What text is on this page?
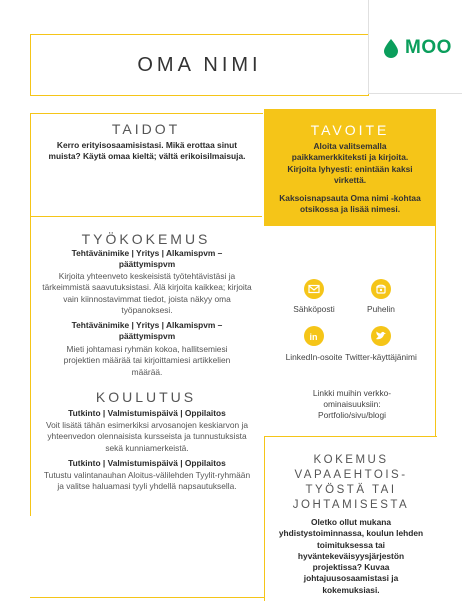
OMA NIMI
MOO
TAIDOT
Kerro erityisosaamisistasi. Mikä erottaa sinut muista? Käytä omaa kieltä; vältä erikoisilmaisuja.
TAVOITE
Aloita valitsemalla paikkamerkkiteksti ja kirjoita. Kirjoita lyhyesti: enintään kaksi virkettä.
Kaksoisnapsauta Oma nimi -kohtaa otsikossa ja lisää nimesi.
TYÖKOKEMUS
Tehtävänimike | Yritys | Alkamispvm – päättymispvm
Kirjoita yhteenveto keskeisistä työtehtävistäsi ja tärkeimmistä saavutuksistasi. Älä kirjoita kaikkea; kirjoita vain kiinnostavimmat tiedot, joista näkyy oma työpanoksesi.
Tehtävänimike | Yritys | Alkamispvm – päättymispvm
Mieti johtamasi ryhmän kokoa, hallitsemiesi projektien määrää tai kirjoittamiesi artikkelien määrää.
KOULUTUS
Tutkinto | Valmistumispäivä | Oppilaitos
Voit lisätä tähän esimerkiksi arvosanojen keskiarvon ja yhteenvedon olennaisista kursseista ja tunnustuksista sekä kunniamerkeistä.
Tutkinto | Valmistumispäivä | Oppilaitos
Tutustu valintanauhan Aloitus-välilehden Tyylit-ryhmään ja valitse haluamasi tyyli yhdellä napsautuksella.
Sähköposti	Puhelin
in
LinkedIn-osoite Twitter-käyttäjänimi
Linkki muihin verkko-ominaisuuksiin: Portfolio/sivu/blogi
KOKEMUS
VAPAAEHTOIS-
TYÖSTÄ TAI
JOHTAMISESTA
Oletko ollut mukana yhdistystoiminnassa, koulun lehden toimituksessa tai hyväntekeväisyysjärjestön projektissa? Kuvaa johtajuusosaamistasi ja kokemuksiasi.
